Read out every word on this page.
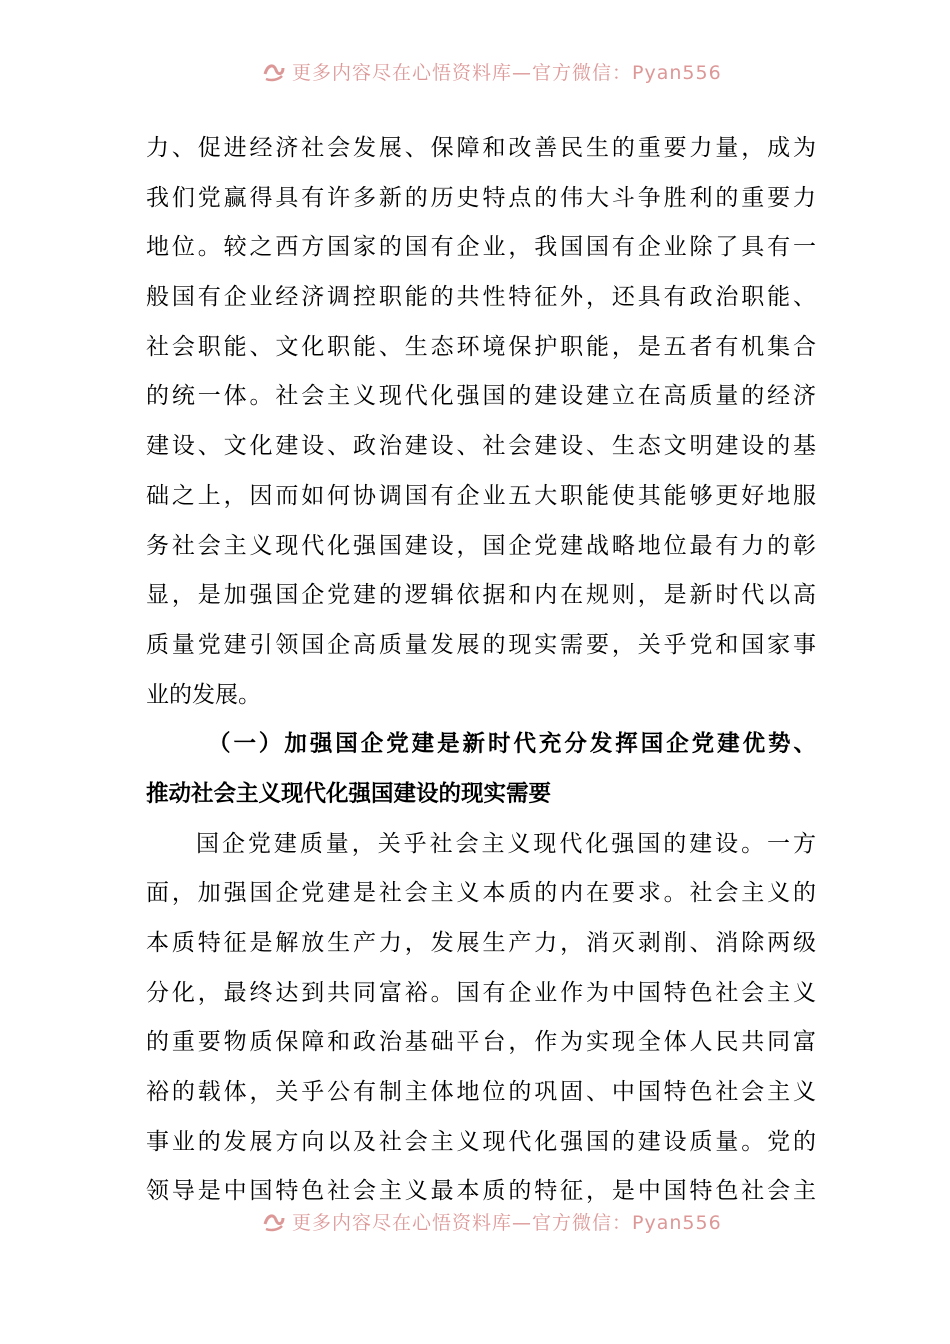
更多内容尽在心悟资料库—官方微信：Pyan556
力、促进经济社会发展、保障和改善民生的重要力量，成为
我们党赢得具有许多新的历史特点的伟大斗争胜利的重要力
地位。较之西方国家的国有企业，我国国有企业除了具有一
般国有企业经济调控职能的共性特征外，还具有政治职能、
社会职能、文化职能、生态环境保护职能，是五者有机集合
的统一体。社会主义现代化强国的建设建立在高质量的经济
建设、文化建设、政治建设、社会建设、生态文明建设的基
础之上，因而如何协调国有企业五大职能使其能够更好地服
务社会主义现代化强国建设，国企党建战略地位最有力的彰
显，是加强国企党建的逻辑依据和内在规则，是新时代以高
质量党建引领国企高质量发展的现实需要，关乎党和国家事
业的发展。
（一）加强国企党建是新时代充分发挥国企党建优势、
推动社会主义现代化强国建设的现实需要
国企党建质量，关乎社会主义现代化强国的建设。一方
面，加强国企党建是社会主义本质的内在要求。社会主义的
本质特征是解放生产力，发展生产力，消灭剥削、消除两级
分化，最终达到共同富裕。国有企业作为中国特色社会主义
的重要物质保障和政治基础平台，作为实现全体人民共同富
裕的载体，关乎公有制主体地位的巩固、中国特色社会主义
事业的发展方向以及社会主义现代化强国的建设质量。党的
领导是中国特色社会主义最本质的特征，是中国特色社会主
更多内容尽在心悟资料库—官方微信：Pyan556
